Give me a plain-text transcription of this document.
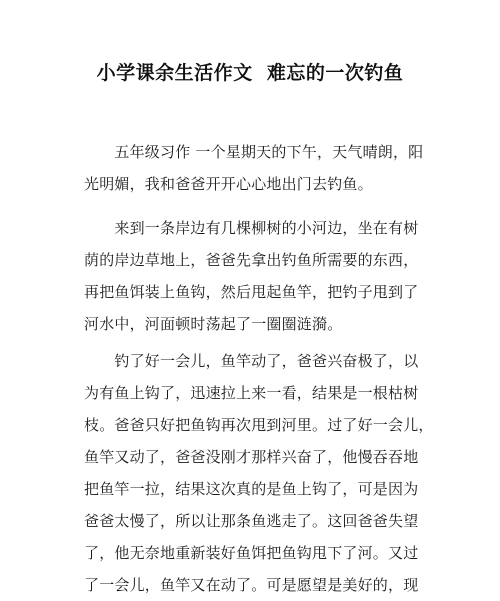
小学课余生活作文  难忘的一次钓鱼
　　五年级习作 一个星期天的下午，天气晴朗，阳
光明媚，我和爸爸开开心心地出门去钓鱼。
　　来到一条岸边有几棵柳树的小河边，坐在有树
荫的岸边草地上，爸爸先拿出钓鱼所需要的东西，
再把鱼饵装上鱼钩，然后甩起鱼竿，把钓子甩到了
河水中，河面顿时荡起了一圈圈涟漪。
　　钓了好一会儿，鱼竿动了，爸爸兴奋极了，以
为有鱼上钩了，迅速拉上来一看，结果是一根枯树
枝。爸爸只好把鱼钩再次甩到河里。过了好一会儿，
鱼竿又动了，爸爸没刚才那样兴奋了，他慢吞吞地
把鱼竿一拉，结果这次真的是鱼上钩了，可是因为
爸爸太慢了，所以让那条鱼逃走了。这回爸爸失望
了，他无奈地重新装好鱼饵把鱼钩甩下了河。又过
了一会儿，鱼竿又在动了。可是愿望是美好的，现
